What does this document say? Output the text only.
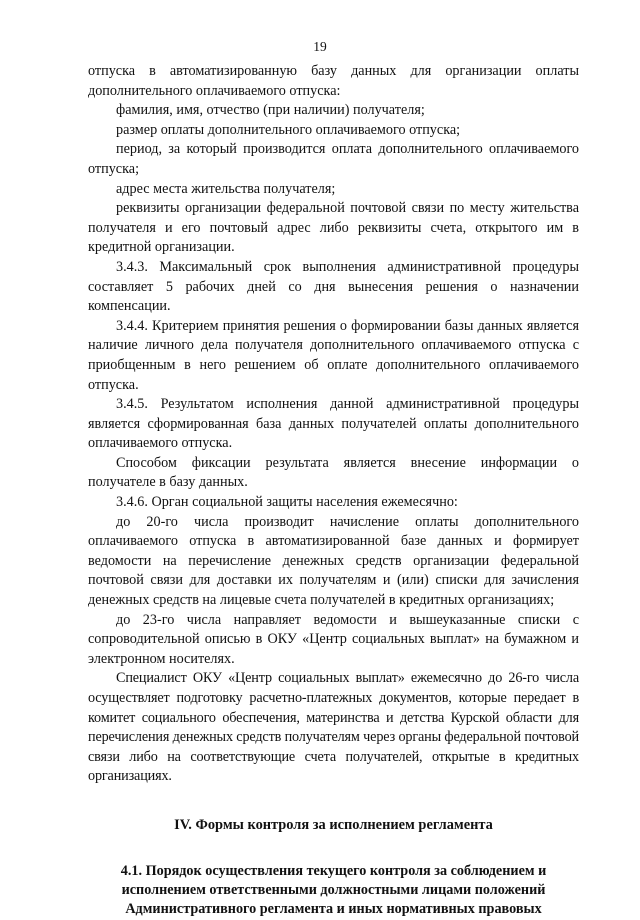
19

отпуска в автоматизированную базу данных для организации оплаты дополнительного оплачиваемого отпуска:

фамилия, имя, отчество (при наличии) получателя;

размер оплаты дополнительного оплачиваемого отпуска;

период, за который производится оплата дополнительного оплачиваемого отпуска;

адрес места жительства получателя;

реквизиты организации федеральной почтовой связи по месту жительства получателя и его почтовый адрес либо реквизиты счета, открытого им в кредитной организации.

3.4.3. Максимальный срок выполнения административной процедуры составляет 5 рабочих дней со дня вынесения решения о назначении компенсации.

3.4.4. Критерием принятия решения о формировании базы данных является наличие личного дела получателя дополнительного оплачиваемого отпуска с приобщенным в него решением об оплате дополнительного оплачиваемого отпуска.

3.4.5. Результатом исполнения данной административной процедуры является сформированная база данных получателей оплаты дополнительного оплачиваемого отпуска.

Способом фиксации результата является внесение информации о получателе в базу данных.

3.4.6. Орган социальной защиты населения ежемесячно:

до 20-го числа производит начисление оплаты дополнительного оплачиваемого отпуска в автоматизированной базе данных и формирует ведомости на перечисление денежных средств организации федеральной почтовой связи для доставки их получателям и (или) списки для зачисления денежных средств на лицевые счета получателей в кредитных организациях;

до 23-го числа направляет ведомости и вышеуказанные списки с сопроводительной описью в ОКУ «Центр социальных выплат» на бумажном и электронном носителях.

Специалист ОКУ «Центр социальных выплат» ежемесячно до 26-го числа осуществляет подготовку расчетно-платежных документов, которые передает в комитет социального обеспечения, материнства и детства Курской области для перечисления денежных средств получателям через органы федеральной почтовой связи либо на соответствующие счета получателей, открытые в кредитных организациях.

IV. Формы контроля за исполнением регламента
4.1. Порядок осуществления текущего контроля за соблюдением и исполнением ответственными должностными лицами положений Административного регламента и иных нормативных правовых
